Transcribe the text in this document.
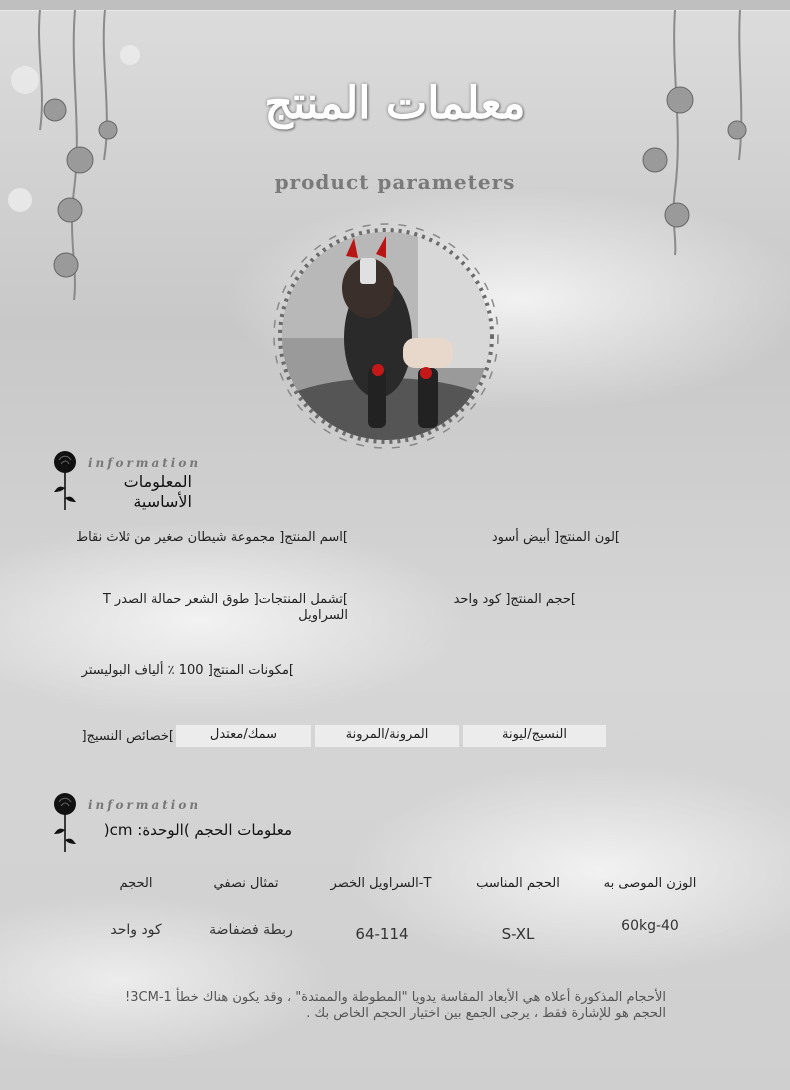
معلمات المنتج
product parameters
information
المعلومات الأساسية
]اسم المنتج[ مجموعة شيطان صغير من ثلاث نقاط	]لون المنتج[ أبيض أسود
]تشمل المنتجات[ طوق الشعر حمالة الصدر T السراويل
]حجم المنتج[ كود واحد
]مكونات المنتج[ 100 ٪ ألياف البوليستر
]خصائص النسيج[	سمك/معتدل	المرونة/المرونة	النسيج/ليونة
information
معلومات الحجم )الوحدة: cm(
الحجم	تمثال نصفي	T-السراويل الخصر	الحجم المناسب	الوزن الموصى به
كود واحد	ربطة فضفاضة	64-114	S-XL	60kg-40
الأحجام المذكورة أعلاه هي الأبعاد المقاسة يدويا "المطوطة والممتدة" ، وقد يكون هناك خطأ 1-3CM! الحجم هو للإشارة فقط ، يرجى الجمع بين اختيار الحجم الخاص بك .
